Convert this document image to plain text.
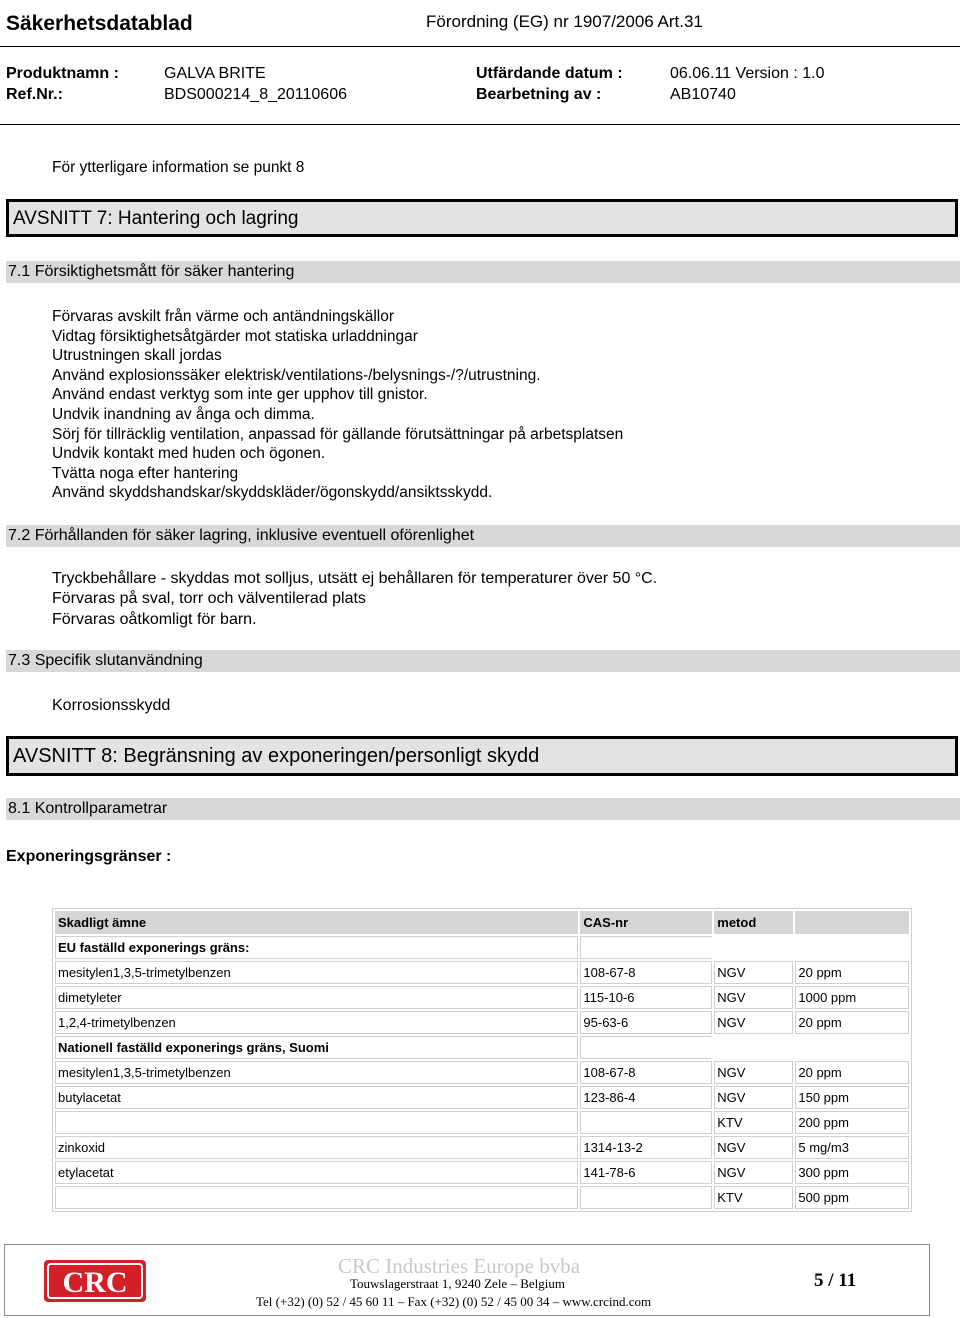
Säkerhetsdatablad	Förordning (EG) nr 1907/2006 Art.31
Produktnamn :	GALVA BRITE	Utfärdande datum :	06.06.11 Version : 1.0
Ref.Nr.:	BDS000214_8_20110606	Bearbetning av :	AB10740
För ytterligare information se punkt 8
AVSNITT 7: Hantering och lagring
7.1 Försiktighetsmått för säker hantering
Förvaras avskilt från värme och antändningskällor
Vidtag försiktighetsåtgärder mot statiska urladdningar
Utrustningen skall jordas
Använd explosionssäker elektrisk/ventilations-/belysnings-/?/utrustning.
Använd endast verktyg som inte ger upphov till gnistor.
Undvik inandning av ånga och dimma.
Sörj för tillräcklig ventilation, anpassad för gällande förutsättningar på arbetsplatsen
Undvik kontakt med huden och ögonen.
Tvätta noga efter hantering
Använd skyddshandskar/skyddskläder/ögonskydd/ansiktsskydd.
7.2 Förhållanden för säker lagring, inklusive eventuell oförenlighet
Tryckbehållare - skyddas mot solljus, utsätt ej behållaren för temperaturer över 50 °C.
Förvaras på sval, torr och välventilerad plats
Förvaras oåtkomligt för barn.
7.3 Specifik slutanvändning
Korrosionsskydd
AVSNITT 8: Begränsning av exponeringen/personligt skydd
8.1 Kontrollparametrar
Exponeringsgränser :
Skadligt ämne	CAS-nr	metod	
EU faställd exponerings gräns:			
mesitylen1,3,5-trimetylbenzen	108-67-8	NGV	20 ppm
dimetyleter	115-10-6	NGV	1000 ppm
1,2,4-trimetylbenzen	95-63-6	NGV	20 ppm
Nationell faställd exponerings gräns, Suomi			
mesitylen1,3,5-trimetylbenzen	108-67-8	NGV	20 ppm
butylacetat	123-86-4	NGV	150 ppm
		KTV	200 ppm
zinkoxid	1314-13-2	NGV	5 mg/m3
etylacetat	141-78-6	NGV	300 ppm
		KTV	500 ppm
CRC	CRC Industries Europe bvba
Touwslagerstraat 1, 9240 Zele – Belgium
Tel (+32) (0) 52 / 45 60 11 – Fax (+32) (0) 52 / 45 00 34 – www.crcind.com
5 / 11
